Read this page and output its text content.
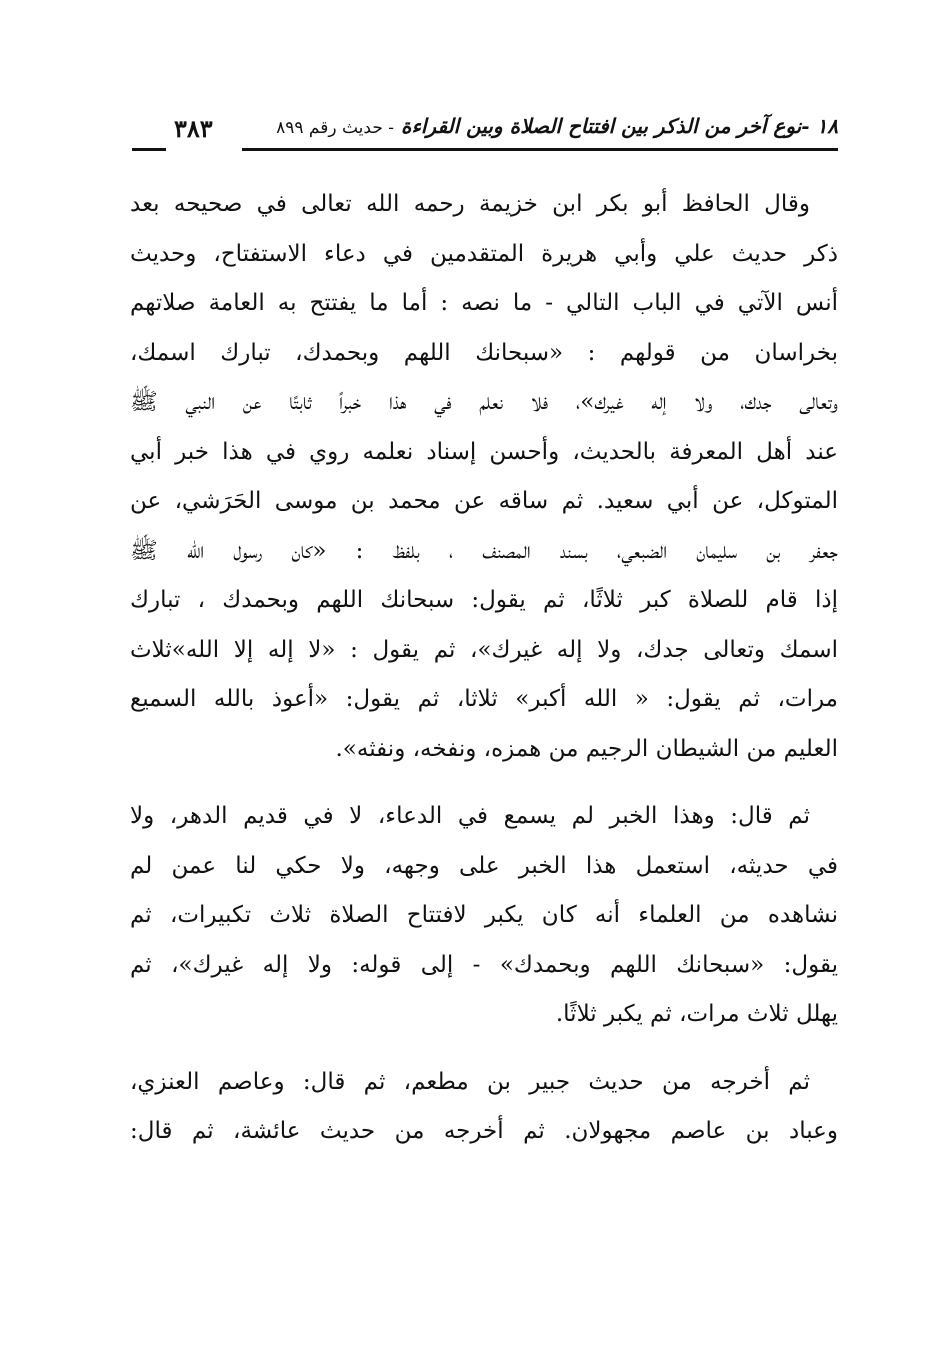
١٨ -نوع آخر من الذكر بين افتتاح الصلاة وبين القراءة - حديث رقم ٨٩٩
٣٨٣
وقال الحافظ أبو بكر ابن خزيمة رحمه الله تعالى في صحيحه بعد
ذكر حديث علي وأبي هريرة المتقدمين في دعاء الاستفتاح، وحديث
أنس الآتي في الباب التالي - ما نصه : أما ما يفتتح به العامة صلاتهم
بخراسان من قولهم : «سبحانك اللهم وبحمدك، تبارك اسمك،
وتعالى جدك، ولا إله غيرك»، فلا نعلم في هذا خبراً ثابتًا عن النبي ﷺ
عند أهل المعرفة بالحديث، وأحسن إسناد نعلمه روي في هذا خبر أبي
المتوكل، عن أبي سعيد. ثم ساقه عن محمد بن موسى الحَرَشي، عن
جعفر بن سليمان الضبعي، بسند المصنف ، بلفظ : «كان رسول الله ﷺ
إذا قام للصلاة كبر ثلاثًا، ثم يقول: سبحانك اللهم وبحمدك ، تبارك
اسمك وتعالى جدك، ولا إله غيرك»، ثم يقول : «لا إله إلا الله»ثلاث
مرات، ثم يقول: « الله أكبر» ثلاثا، ثم يقول: «أعوذ بالله السميع
العليم من الشيطان الرجيم من همزه، ونفخه، ونفثه».
ثم قال: وهذا الخبر لم يسمع في الدعاء، لا في قديم الدهر، ولا
في حديثه، استعمل هذا الخبر على وجهه، ولا حكي لنا عمن لم
نشاهده من العلماء أنه كان يكبر لافتتاح الصلاة ثلاث تكبيرات، ثم
يقول: «سبحانك اللهم وبحمدك» - إلى قوله: ولا إله غيرك»، ثم
يهلل ثلاث مرات، ثم يكبر ثلاثًا.
ثم أخرجه من حديث جبير بن مطعم، ثم قال: وعاصم العنزي،
وعباد بن عاصم مجهولان. ثم أخرجه من حديث عائشة، ثم قال:
